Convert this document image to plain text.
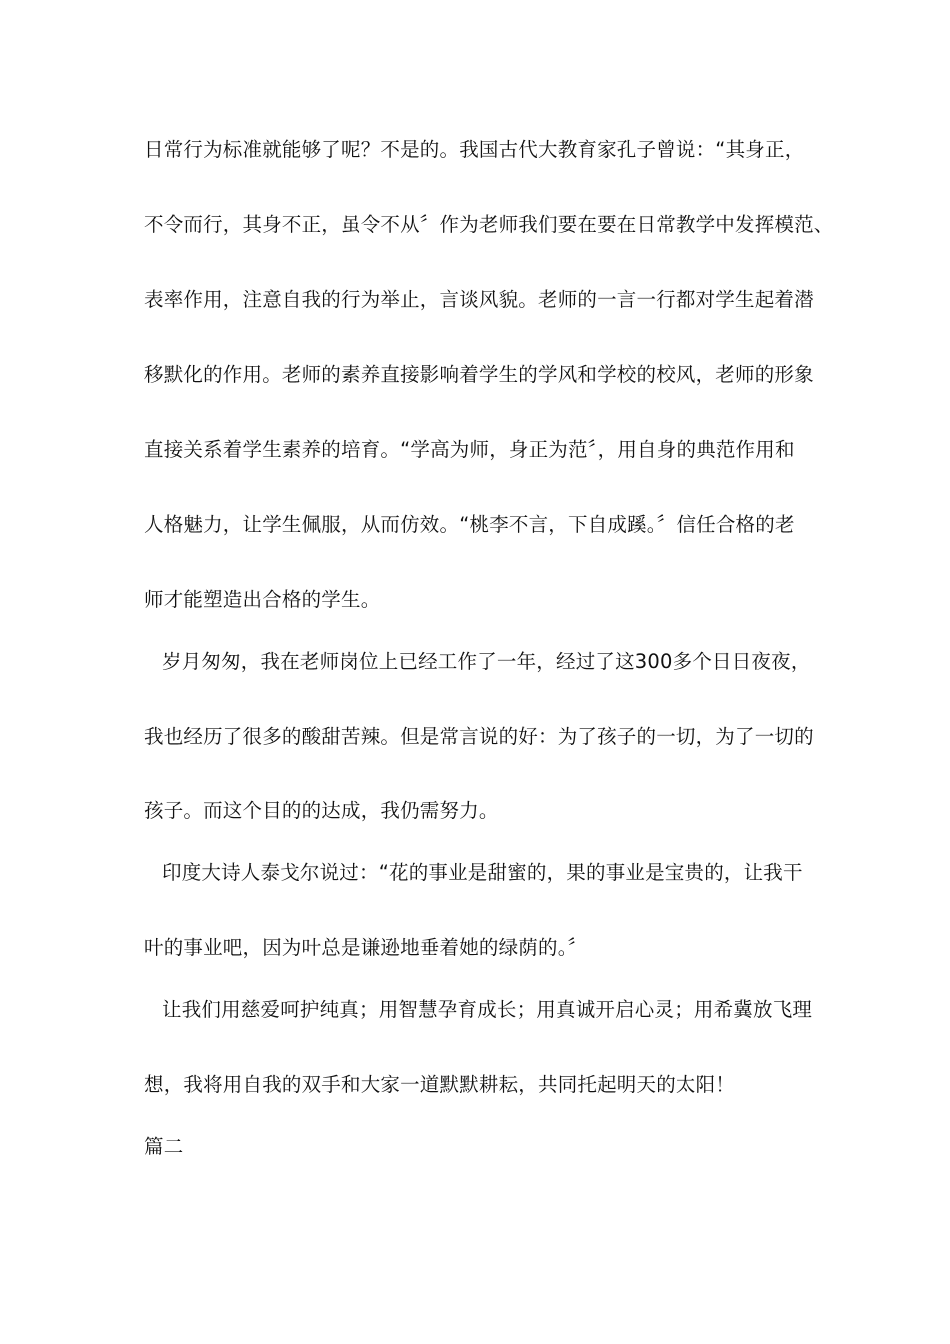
日常行为标准就能够了呢？不是的。我国古代大教育家孔子曾说：“其身正，
不令而行，其身不正，虽令不从〞作为老师我们要在要在日常教学中发挥模范、
表率作用，注意自我的行为举止，言谈风貌。老师的一言一行都对学生起着潜
移默化的作用。老师的素养直接影响着学生的学风和学校的校风，老师的形象
直接关系着学生素养的培育。“学高为师，身正为范〞，用自身的典范作用和
人格魅力，让学生佩服，从而仿效。“桃李不言，下自成蹊。〞信任合格的老
师才能塑造出合格的学生。
岁月匆匆，我在老师岗位上已经工作了一年，经过了这300多个日日夜夜，
我也经历了很多的酸甜苦辣。但是常言说的好：为了孩子的一切，为了一切的
孩子。而这个目的的达成，我仍需努力。
印度大诗人泰戈尔说过：“花的事业是甜蜜的，果的事业是宝贵的，让我干
叶的事业吧，因为叶总是谦逊地垂着她的绿荫的。〞
让我们用慈爱呵护纯真；用智慧孕育成长；用真诚开启心灵；用希冀放飞理
想，我将用自我的双手和大家一道默默耕耘，共同托起明天的太阳！
篇二
